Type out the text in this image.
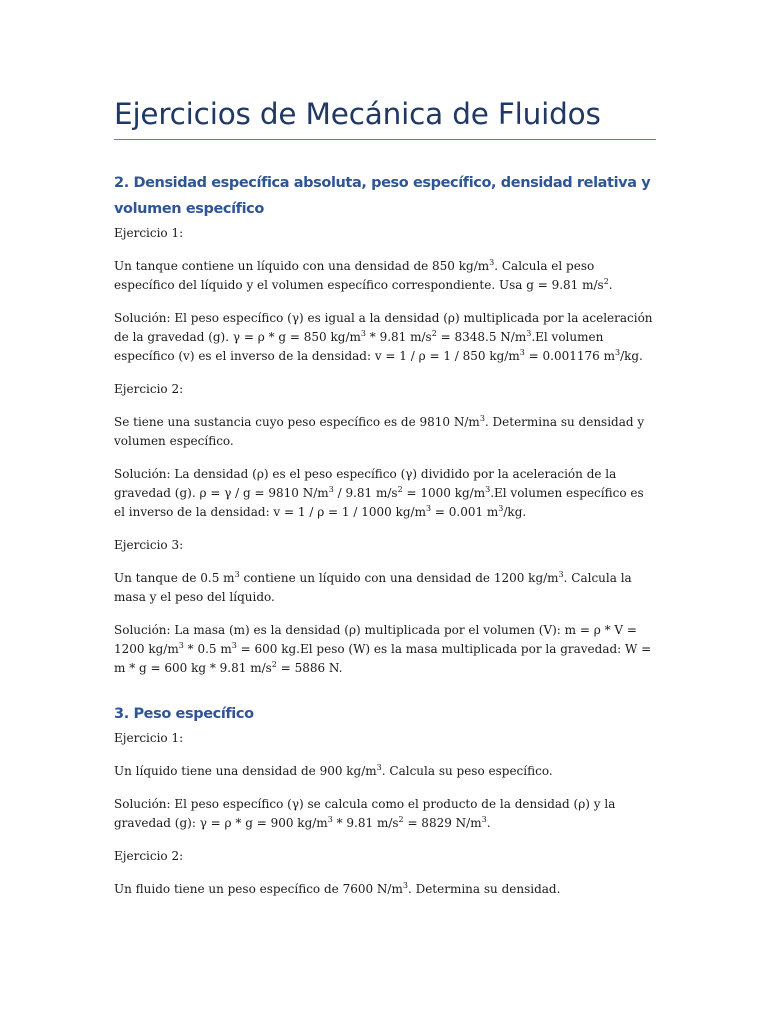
Ejercicios de Mecánica de Fluidos
2. Densidad específica absoluta, peso específico, densidad relativa y volumen específico

Ejercicio 1:

Un tanque contiene un líquido con una densidad de 850 $kg/m^3$. Calcula el peso específico del líquido y el volumen específico correspondiente. Usa g = 9.81 $m/s^2$.

Solución: El peso específico (γ) es igual a la densidad (ρ) multiplicada por la aceleración de la gravedad (g). γ = ρ * g = 850 $kg/m^3 * 9.81$ $m/s^2 = 8348.5$ $N/m^3.El$ volumen específico (v) es el inverso de la densidad: v = 1 / ρ = 1 / 850 $kg/m^3 = 0.001176$ $m^3/kg$.

Ejercicio 2:

Se tiene una sustancia cuyo peso específico es de 9810 $N/m^3$. Determina su densidad y volumen específico.

Solución: La densidad (ρ) es el peso específico (γ) dividido por la aceleración de la gravedad (g). ρ = γ / g = 9810 $N/m^3 / 9.81$ $m/s^2 = 1000$ $kg/m^3.El$ volumen específico es el inverso de la densidad: v = 1 / ρ = 1 / 1000 $kg/m^3 = 0.001$ $m^3/kg$.

Ejercicio 3:

Un tanque de 0.5 $m^3$ contiene un líquido con una densidad de 1200 $kg/m^3$. Calcula la masa y el peso del líquido.

Solución: La masa (m) es la densidad (ρ) multiplicada por el volumen (V): m = ρ * V = 1200 $kg/m^3 * 0.5$ $m^3 = 600$ kg.El peso (W) es la masa multiplicada por la gravedad: W = m * g = 600 kg * 9.81 $m/s^2 = 5886$ N.

3. Peso específico

Ejercicio 1:

Un líquido tiene una densidad de 900 $kg/m^3$. Calcula su peso específico.

Solución: El peso específico (γ) se calcula como el producto de la densidad (ρ) y la gravedad (g): γ = ρ * g = 900 $kg/m^3 * 9.81$ $m/s^2 = 8829$ $N/m^3$.

Ejercicio 2:

Un fluido tiene un peso específico de 7600 $N/m^3$. Determina su densidad.
